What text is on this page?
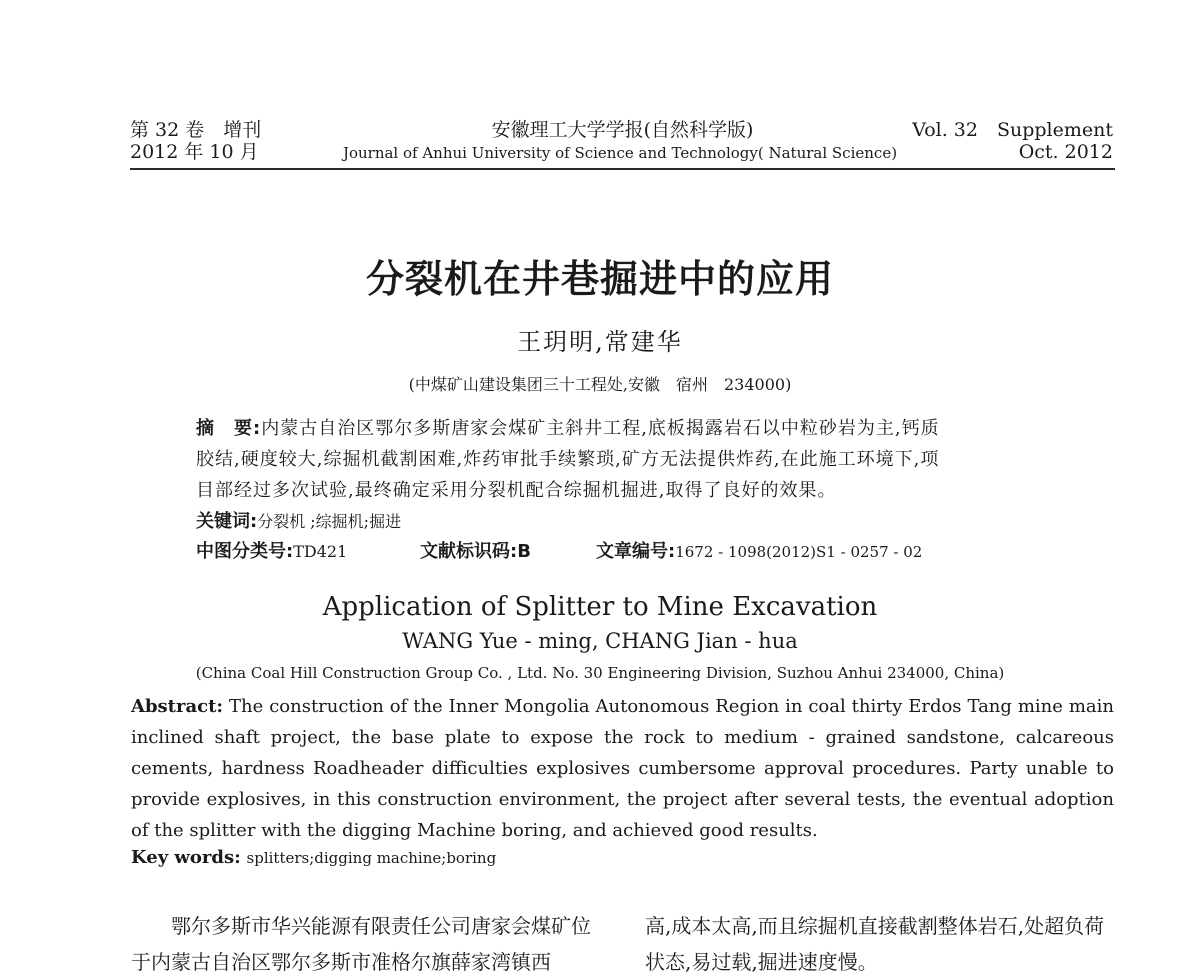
第 32 卷　增刊
2012 年 10 月
安徽理工大学学报(自然科学版)
Journal of Anhui University of Science and Technology( Natural Science)
Vol. 32　Supplement
Oct. 2012
分裂机在井巷掘进中的应用
王玥明,常建华
(中煤矿山建设集团三十工程处,安徽　宿州　234000)
摘　要:内蒙古自治区鄂尔多斯唐家会煤矿主斜井工程,底板揭露岩石以中粒砂岩为主,钙质
胶结,硬度较大,综掘机截割困难,炸药审批手续繁琐,矿方无法提供炸药,在此施工环境下,项
目部经过多次试验,最终确定采用分裂机配合综掘机掘进,取得了良好的效果。
关键词:分裂机 ;综掘机;掘进
中图分类号:TD421	文献标识码:B	文章编号:1672 - 1098(2012)S1 - 0257 - 02
Application of Splitter to Mine Excavation
WANG Yue - ming, CHANG Jian - hua
(China Coal Hill Construction Group Co. , Ltd. No. 30 Engineering Division, Suzhou Anhui 234000, China)
Abstract: The construction of the Inner Mongolia Autonomous Region in coal thirty Erdos Tang mine main inclined shaft project, the base plate to expose the rock to medium - grained sandstone, calcareous cements, hardness Roadheader difficulties explosives cumbersome approval procedures. Party unable to provide explosives, in this construction environment, the project after several tests, the eventual adoption of the splitter with the digging Machine boring, and achieved good results.
Key words: splitters;digging machine;boring
　　鄂尔多斯市华兴能源有限责任公司唐家会煤矿位于内蒙古自治区鄂尔多斯市准格尔旗薛家湾镇西
高,成本太高,而且综掘机直接截割整体岩石,处超负荷状态,易过载,掘进速度慢。
